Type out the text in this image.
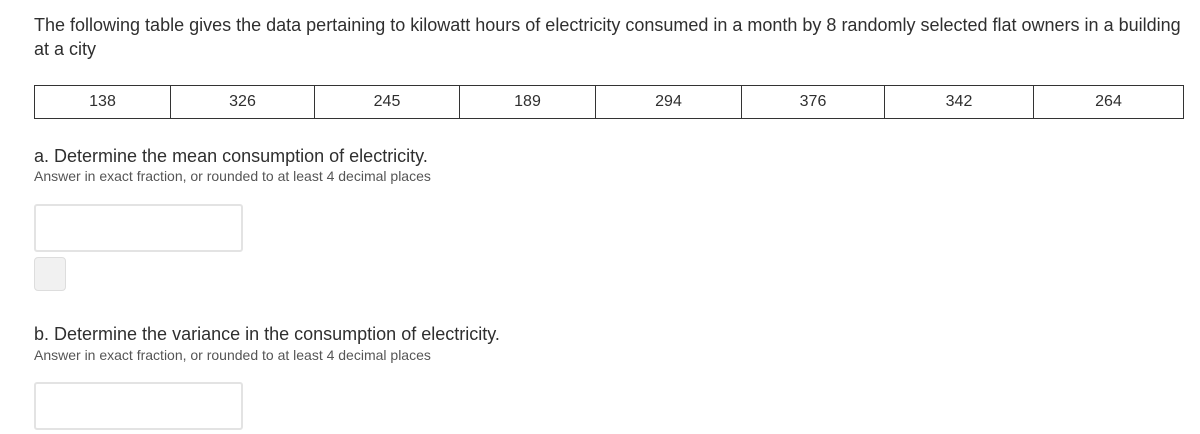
The following table gives the data pertaining to kilowatt hours of electricity consumed in a month by 8 randomly selected flat owners in a building at a city
138	326	245	189	294	376	342	264
a. Determine the mean consumption of electricity.
Answer in exact fraction, or rounded to at least 4 decimal places
b. Determine the variance in the consumption of electricity.
Answer in exact fraction, or rounded to at least 4 decimal places
